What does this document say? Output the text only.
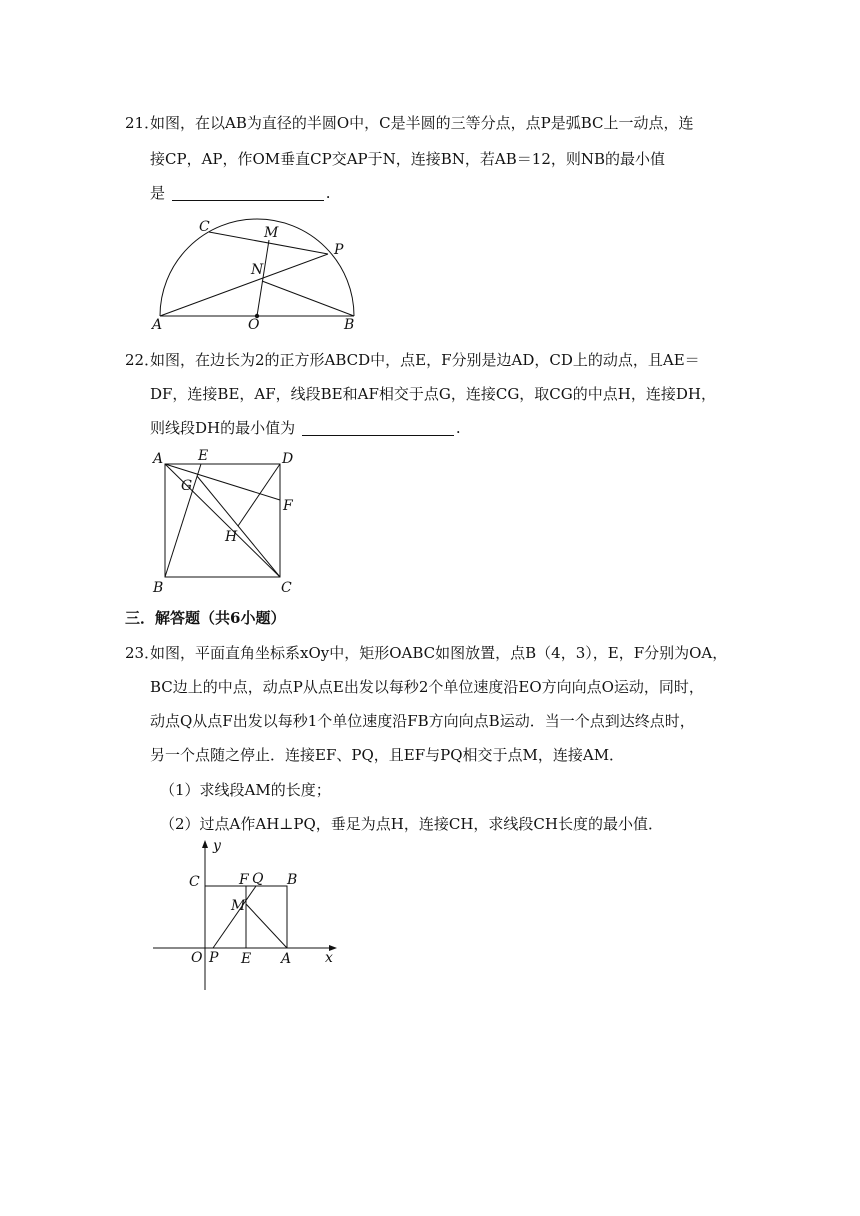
21．
如图，在以AB为直径的半圆O中，C是半圆的三等分点，点P是弧BC上一动点，连
接CP，AP，作OM垂直CP交AP于N，连接BN，若AB＝12，则NB的最小值
是	.
C	M
P
N
A	O	B
22．
如图，在边长为2的正方形ABCD中，点E，F分别是边AD，CD上的动点，且AE＝
DF，连接BE，AF，线段BE和AF相交于点G，连接CG，取CG的中点H，连接DH，
则线段DH的最小值为	.
A E	D
G
F
H
B	C
三．解答题（共6小题）
23．
如图，平面直角坐标系xOy中，矩形OABC如图放置，点B（4，3），E，F分别为OA，
BC边上的中点，动点P从点E出发以每秒2个单位速度沿EO方向向点O运动，同时，
动点Q从点F出发以每秒1个单位速度沿FB方向向点B运动．当一个点到达终点时，
另一个点随之停止．连接EF、PQ，且EF与PQ相交于点M，连接AM．
（1）求线段AM的长度；
（2）过点A作AH⊥PQ，垂足为点H，连接CH，求线段CH长度的最小值．
y
C	F Q B
M
O P E A x
